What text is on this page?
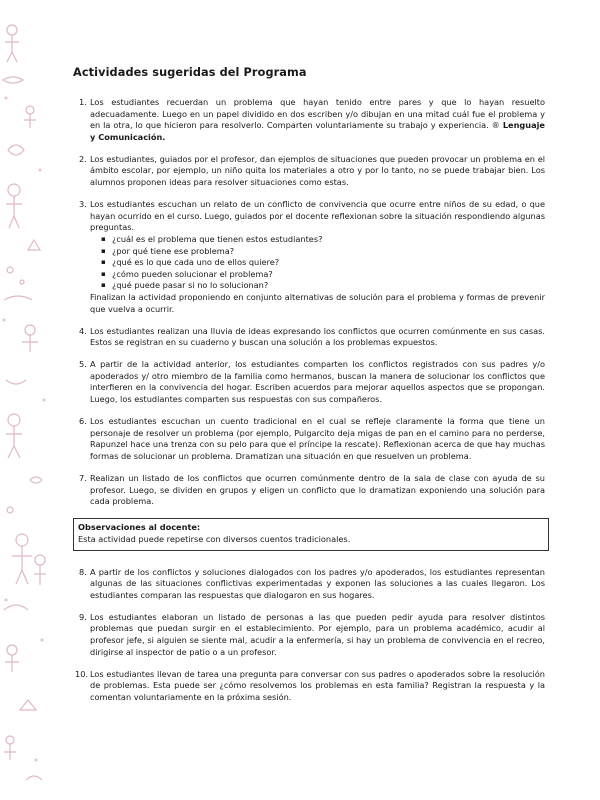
Actividades sugeridas del Programa
1. Los estudiantes recuerdan un problema que hayan tenido entre pares y que lo hayan resuelto adecuadamente. Luego en un papel dividido en dos escriben y/o dibujan en una mitad cuál fue el problema y en la otra, lo que hicieron para resolverlo. Comparten voluntariamente su trabajo y experiencia. ® Lenguaje y Comunicación.
2. Los estudiantes, guiados por el profesor, dan ejemplos de situaciones que pueden provocar un problema en el ámbito escolar, por ejemplo, un niño quita los materiales a otro y por lo tanto, no se puede trabajar bien. Los alumnos proponen ideas para resolver situaciones como estas.
3. Los estudiantes escuchan un relato de un conflicto de convivencia que ocurre entre niños de su edad, o que hayan ocurrido en el curso. Luego, guiados por el docente reflexionan sobre la situación respondiendo algunas preguntas.
▪ ¿cuál es el problema que tienen estos estudiantes?
▪ ¿por qué tiene ese problema?
▪ ¿qué es lo que cada uno de ellos quiere?
▪ ¿cómo pueden solucionar el problema?
▪ ¿qué puede pasar si no lo solucionan?
Finalizan la actividad proponiendo en conjunto alternativas de solución para el problema y formas de prevenir que vuelva a ocurrir.
4. Los estudiantes realizan una lluvia de ideas expresando los conflictos que ocurren comúnmente en sus casas. Estos se registran en su cuaderno y buscan una solución a los problemas expuestos.
5. A partir de la actividad anterior, los estudiantes comparten los conflictos registrados con sus padres y/o apoderados y/ otro miembro de la familia como hermanos, buscan la manera de solucionar los conflictos que interfieren en la convivencia del hogar. Escriben acuerdos para mejorar aquellos aspectos que se propongan. Luego, los estudiantes comparten sus respuestas con sus compañeros.
6. Los estudiantes escuchan un cuento tradicional en el cual se refleje claramente la forma que tiene un personaje de resolver un problema (por ejemplo, Pulgarcito deja migas de pan en el camino para no perderse, Rapunzel hace una trenza con su pelo para que el príncipe la rescate). Reflexionan acerca de que hay muchas formas de solucionar un problema. Dramatizan una situación en que resuelven un problema.
7. Realizan un listado de los conflictos que ocurren comúnmente dentro de la sala de clase con ayuda de su profesor. Luego, se dividen en grupos y eligen un conflicto que lo dramatizan exponiendo una solución para cada problema.
Observaciones al docente:
Esta actividad puede repetirse con diversos cuentos tradicionales.
8. A partir de los conflictos y soluciones dialogados con los padres y/o apoderados, los estudiantes representan algunas de las situaciones conflictivas experimentadas y exponen las soluciones a las cuales llegaron. Los estudiantes comparan las respuestas que dialogaron en sus hogares.
9. Los estudiantes elaboran un listado de personas a las que pueden pedir ayuda para resolver distintos problemas que puedan surgir en el establecimiento. Por ejemplo, para un problema académico, acudir al profesor jefe, si alguien se siente mal, acudir a la enfermería, si hay un problema de convivencia en el recreo, dirigirse al inspector de patio o a un profesor.
10. Los estudiantes llevan de tarea una pregunta para conversar con sus padres o apoderados sobre la resolución de problemas. Esta puede ser ¿cómo resolvemos los problemas en esta familia? Registran la respuesta y la comentan voluntariamente en la próxima sesión.
